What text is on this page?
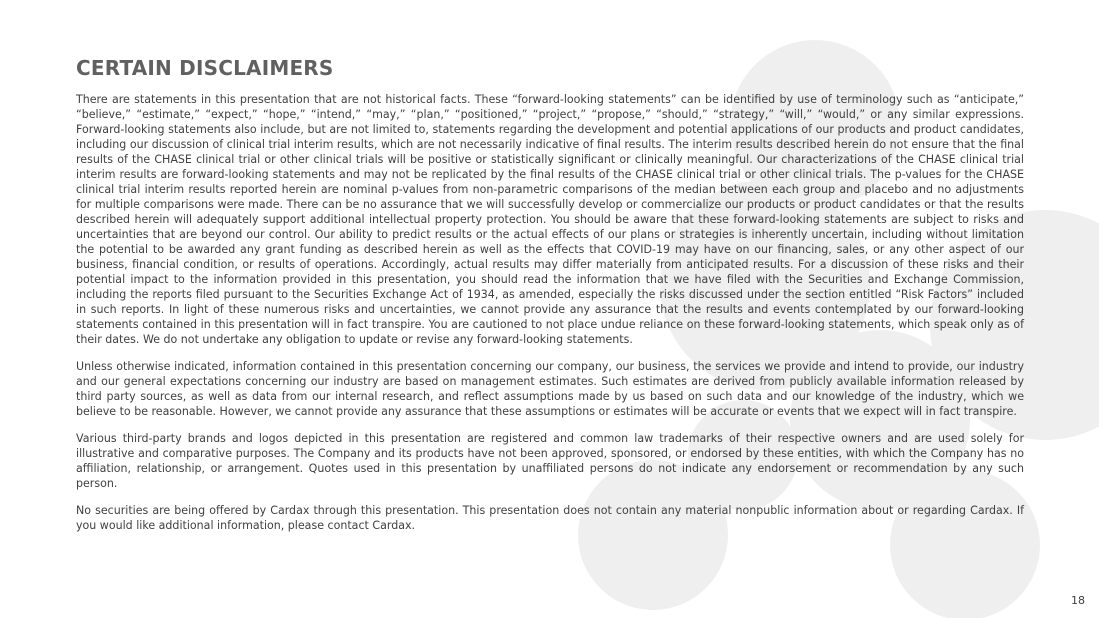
CERTAIN DISCLAIMERS

There are statements in this presentation that are not historical facts. These “forward-looking statements” can be identified by use of terminology such as “anticipate,” “believe,” “estimate,” “expect,” “hope,” “intend,” “may,” “plan,” “positioned,” “project,” “propose,” “should,” “strategy,” “will,” “would,” or any similar expressions. Forward-looking statements also include, but are not limited to, statements regarding the development and potential applications of our products and product candidates, including our discussion of clinical trial interim results, which are not necessarily indicative of final results. The interim results described herein do not ensure that the final results of the CHASE clinical trial or other clinical trials will be positive or statistically significant or clinically meaningful. Our characterizations of the CHASE clinical trial interim results are forward-looking statements and may not be replicated by the final results of the CHASE clinical trial or other clinical trials. The p-values for the CHASE clinical trial interim results reported herein are nominal p-values from non-parametric comparisons of the median between each group and placebo and no adjustments for multiple comparisons were made. There can be no assurance that we will successfully develop or commercialize our products or product candidates or that the results described herein will adequately support additional intellectual property protection. You should be aware that these forward-looking statements are subject to risks and uncertainties that are beyond our control. Our ability to predict results or the actual effects of our plans or strategies is inherently uncertain, including without limitation the potential to be awarded any grant funding as described herein as well as the effects that COVID-19 may have on our financing, sales, or any other aspect of our business, financial condition, or results of operations. Accordingly, actual results may differ materially from anticipated results. For a discussion of these risks and their potential impact to the information provided in this presentation, you should read the information that we have filed with the Securities and Exchange Commission, including the reports filed pursuant to the Securities Exchange Act of 1934, as amended, especially the risks discussed under the section entitled “Risk Factors” included in such reports. In light of these numerous risks and uncertainties, we cannot provide any assurance that the results and events contemplated by our forward-looking statements contained in this presentation will in fact transpire. You are cautioned to not place undue reliance on these forward-looking statements, which speak only as of their dates. We do not undertake any obligation to update or revise any forward-looking statements.

Unless otherwise indicated, information contained in this presentation concerning our company, our business, the services we provide and intend to provide, our industry and our general expectations concerning our industry are based on management estimates. Such estimates are derived from publicly available information released by third party sources, as well as data from our internal research, and reflect assumptions made by us based on such data and our knowledge of the industry, which we believe to be reasonable. However, we cannot provide any assurance that these assumptions or estimates will be accurate or events that we expect will in fact transpire.

Various third-party brands and logos depicted in this presentation are registered and common law trademarks of their respective owners and are used solely for illustrative and comparative purposes. The Company and its products have not been approved, sponsored, or endorsed by these entities, with which the Company has no affiliation, relationship, or arrangement. Quotes used in this presentation by unaffiliated persons do not indicate any endorsement or recommendation by any such person.

No securities are being offered by Cardax through this presentation. This presentation does not contain any material nonpublic information about or regarding Cardax. If you would like additional information, please contact Cardax.

18
